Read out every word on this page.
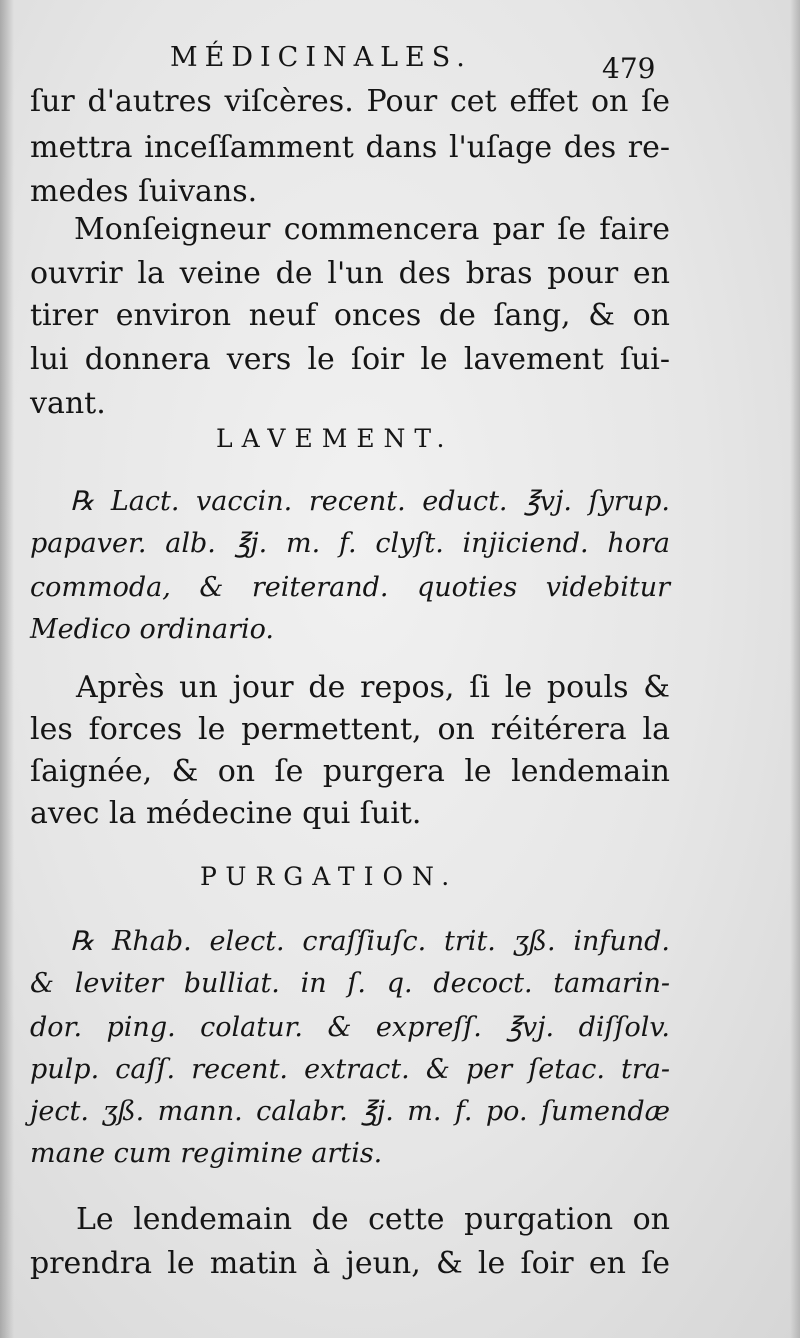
MÉDICINALES.	479

ſur d'autres viſcères. Pour cet effet on ſe

mettra inceſſamment dans l'uſage des re-

medes ſuivans.

Monſeigneur commencera par ſe faire

ouvrir la veine de l'un des bras pour en

tirer environ neuf onces de ſang, & on

lui donnera vers le ſoir le lavement ſui-

vant.

LAVEMENT.

℞ Lact. vaccin. recent. educt. ℥vj. ſyrup.

papaver. alb. ℥j. m. f. clyſt. injiciend. hora

commoda, & reiterand. quoties videbitur

Medico ordinario.

Après un jour de repos, ſi le pouls &

les forces le permettent, on réitérera la

ſaignée, & on ſe purgera le lendemain

avec la médecine qui ſuit.

PURGATION.

℞ Rhab. elect. craſſiuſc. trit. ʒß. infund.

& leviter bulliat. in ſ. q. decoct. tamarin-

dor. ping. colatur. & expreſſ. ℥vj. diſſolv.

pulp. caſſ. recent. extract. & per ſetac. tra-

ject. ʒß. mann. calabr. ℥j. m. f. po. ſumendæ

mane cum regimine artis.

Le lendemain de cette purgation on

prendra le matin à jeun, & le ſoir en ſe
